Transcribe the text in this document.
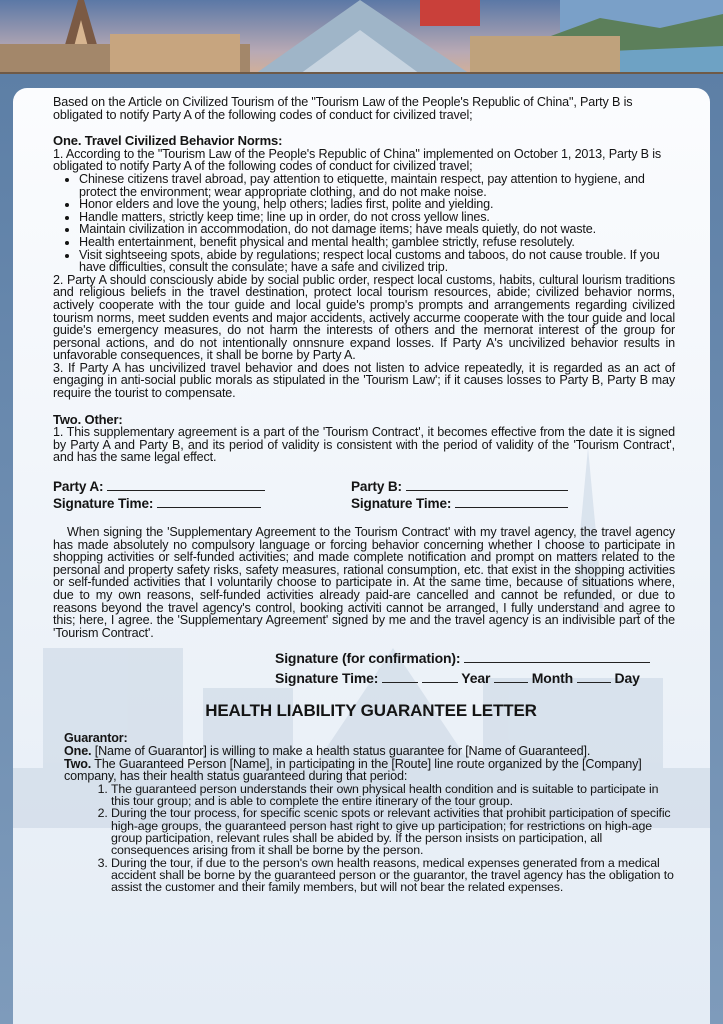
Based on the Article on Civilized Tourism of the "Tourism Law of the People's Republic of China", Party B is obligated to notify Party A of the following codes of conduct for civilized travel;

One. Travel Civilized Behavior Norms:

1. According to the "Tourism Law of the People's Republic of China" implemented on October 1, 2013, Party B is obligated to notify Party A of the following codes of conduct for civilized travel;

• Chinese citizens travel abroad, pay attention to etiquette, maintain respect, pay attention to hygiene, and protect the environment; wear appropriate clothing, and do not make noise.
• Honor elders and love the young, help others; ladies first, polite and yielding.
• Handle matters, strictly keep time; line up in order, do not cross yellow lines.
• Maintain civilization in accommodation, do not damage items; have meals quietly, do not waste.
• Health entertainment, benefit physical and mental health; gamblee strictly, refuse resolutely.
• Visit sightseeing spots, abide by regulations; respect local customs and taboos, do not cause trouble. If you have difficulties, consult the consulate; have a safe and civilized trip.

2. Party A should consciously abide by social public order, respect local customs, habits, cultural lourism traditions and religious beliefs in the travel destination, protect local tourism resources, abide; civilized behavior norms, actively cooperate with the tour guide and local guide's promp's prompts and arrangements regarding civilized tourism norms, meet sudden events and major accidents, actively accurme cooperate with the tour guide and local guide's emergency measures, do not harm the interests of others and the mernorat interest of the group for personal actions, and do not intentionally onnsnure expand losses. If Party A's uncivilized behavior results in unfavorable consequences, it shall be borne by Party A.

3. If Party A has uncivilized travel behavior and does not listen to advice repeatedly, it is regarded as an act of engaging in anti-social public morals as stipulated in the 'Tourism Law'; if it causes losses to Party B, Party B may require the tourist to compensate.

Two. Other:

1. This supplementary agreement is a part of the 'Tourism Contract', it becomes effective from the date it is signed by Party A and Party B, and its period of validity is consistent with the period of validity of the 'Tourism Contract', and has the same legal effect.

Party A:	Party B:
Signature Time:	Signature Time:

When signing the 'Supplementary Agreement to the Tourism Contract' with my travel agency, the travel agency has made absolutely no compulsory language or forcing behavior concerning whether I choose to participate in shopping activities or self-funded activities; and made complete notification and prompt on matters related to the personal and property safety risks, safety measures, rational consumption, etc. that exist in the shopping activities or self-funded activities that I voluntarily choose to participate in. At the same time, because of situations where, due to my own reasons, self-funded activities already paid-are cancelled and cannot be refunded, or due to reasons beyond the travel agency's control, booking activiti cannot be arranged, I fully understand and agree to this; here, I agree. the 'Supplementary Agreement' signed by me and the travel agency is an indivisible part of the 'Tourism Contract'.

Signature (for confirmation):
Signature Time:	Year	Month	Day
HEALTH LIABILITY GUARANTEE LETTER

Guarantor:

One. [Name of Guarantor] is willing to make a health status guarantee for [Name of Guaranteed].

Two. The Guaranteed Person [Name], in participating in the [Route] line route organized by the [Company] company, has their health status guaranteed during that period:

1. The guaranteed person understands their own physical health condition and is suitable to participate in this tour group; and is able to complete the entire itinerary of the tour group.
2. During the tour process, for specific scenic spots or relevant activities that prohibit participation of specific high-age groups, the guaranteed person hast right to give up participation; for restrictions on high-age group participation, relevant rules shall be abided by. If the person insists on participation, all consequences arising from it shall be borne by the person.
3. During the tour, if due to the person's own health reasons, medical expenses generated from a medical accident shall be borne by the guaranteed person or the guarantor, the travel agency has the obligation to assist the customer and their family members, but will not bear the related expenses.
